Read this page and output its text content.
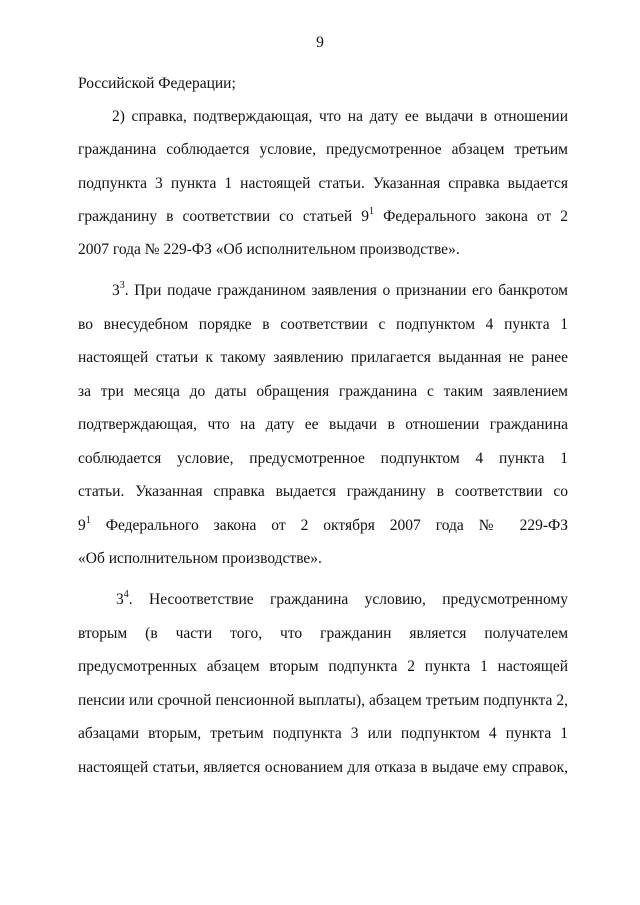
9
Российской Федерации;
2) справка, подтверждающая, что на дату ее выдачи в отношении
гражданина соблюдается условие, предусмотренное абзацем третьим
подпункта 3 пункта 1 настоящей статьи. Указанная справка выдается
гражданину в соответствии со статьей $9^1$ Федерального закона от 2
2007 года № 229-ФЗ «Об исполнительном производстве».
$3^3$. При подаче гражданином заявления о признании его банкротом
во внесудебном порядке в соответствии с подпунктом 4 пункта 1
настоящей статьи к такому заявлению прилагается выданная не ранее
за три месяца до даты обращения гражданина с таким заявлением
подтверждающая, что на дату ее выдачи в отношении гражданина
соблюдается условие, предусмотренное подпунктом 4 пункта 1
статьи. Указанная справка выдается гражданину в соответствии со
$9^1$ Федерального закона от 2 октября 2007 года № 229-ФЗ
«Об исполнительном производстве».
$3^4$. Несоответствие гражданина условию, предусмотренному
вторым (в части того, что гражданин является получателем
предусмотренных абзацем вторым подпункта 2 пункта 1 настоящей
пенсии или срочной пенсионной выплаты), абзацем третьим подпункта 2,
абзацами вторым, третьим подпункта 3 или подпунктом 4 пункта 1
настоящей статьи, является основанием для отказа в выдаче ему справок,
